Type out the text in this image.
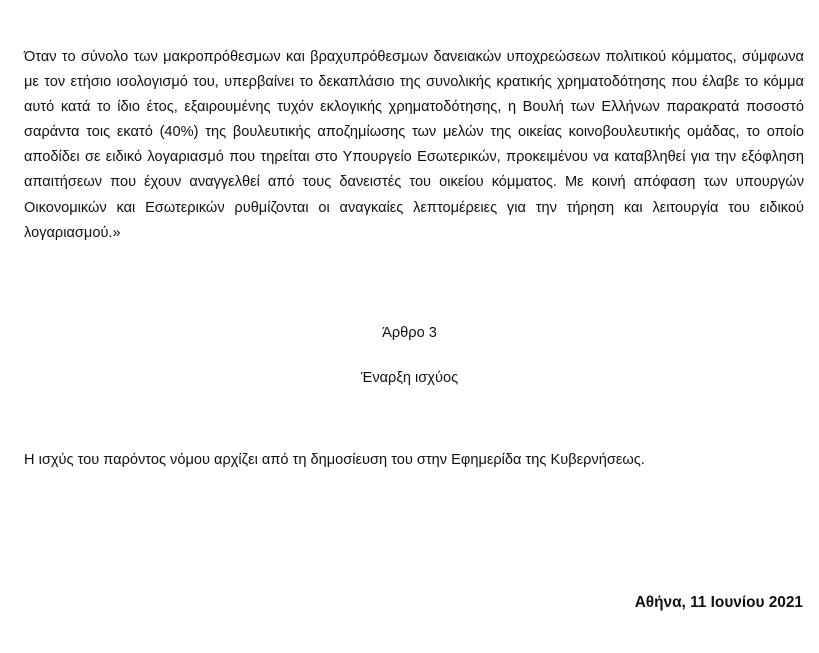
Όταν το σύνολο των μακροπρόθεσμων και βραχυπρόθεσμων δανειακών υποχρεώσεων πολιτικού κόμματος, σύμφωνα με τον ετήσιο ισολογισμό του, υπερβαίνει το δεκαπλάσιο της συνολικής κρατικής χρηματοδότησης που έλαβε το κόμμα αυτό κατά το ίδιο έτος, εξαιρουμένης τυχόν εκλογικής χρηματοδότησης, η Βουλή των Ελλήνων παρακρατά ποσοστό σαράντα τοις εκατό (40%) της βουλευτικής αποζημίωσης των μελών της οικείας κοινοβουλευτικής ομάδας, το οποίο αποδίδει σε ειδικό λογαριασμό που τηρείται στο Υπουργείο Εσωτερικών, προκειμένου να καταβληθεί για την εξόφληση απαιτήσεων που έχουν αναγγελθεί από τους δανειστές του οικείου κόμματος. Με κοινή απόφαση των υπουργών Οικονομικών και Εσωτερικών ρυθμίζονται οι αναγκαίες λεπτομέρειες για την τήρηση και λειτουργία του ειδικού λογαριασμού.»

Άρθρο 3

Έναρξη ισχύος

Η ισχύς του παρόντος νόμου αρχίζει από τη δημοσίευση του στην Εφημερίδα της Κυβερνήσεως.

Αθήνα, 11 Ιουνίου 2021
